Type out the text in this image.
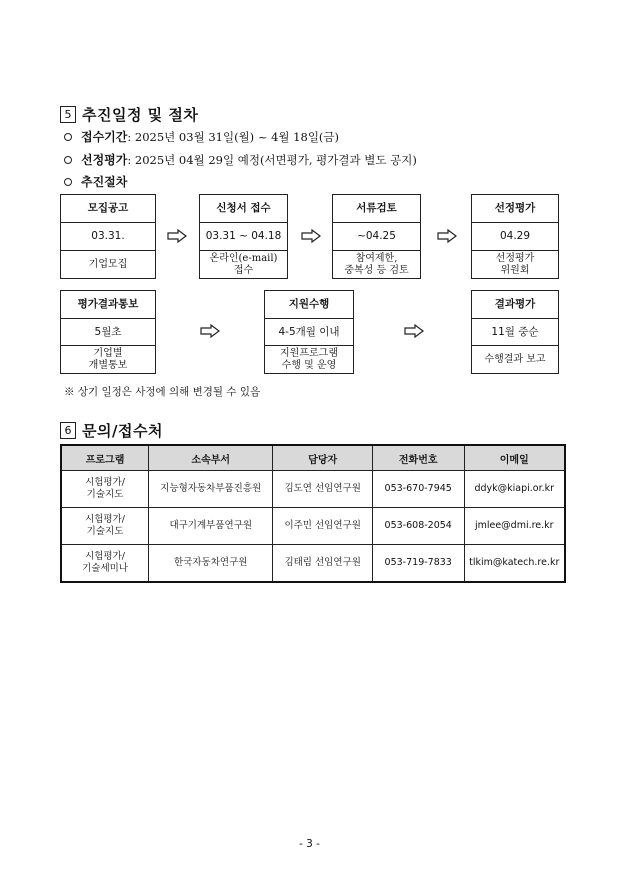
5 추진일정 및 절차
접수기간 : 2025년 03월 31일(월) ~ 4월 18일(금)
선정평가 : 2025년 04월 29일 예정(서면평가, 평가결과 별도 공지)
추진절차
모집공고
03.31.
기업모집
신청서 접수
03.31 ~ 04.18
온라인(e-mail)
접수
서류검토
~04.25
참여제한,
중복성 등 검토
선정평가
04.29
선정평가
위원회
평가결과통보
5월초
기업별
개별통보
지원수행
4-5개월 이내
지원프로그램
수행 및 운영
결과평가
11월 중순
수행결과 보고
※ 상기 일정은 사정에 의해 변경될 수 있음
6 문의/접수처
프로그램	소속부서	담당자	전화번호	이메일
시험평가/
기술지도	지능형자동차부품진흥원	김도연 선임연구원	053-670-7945	ddyk@kiapi.or.kr
시험평가/
기술지도	대구기계부품연구원	이주민 선임연구원	053-608-2054	jmlee@dmi.re.kr
시험평가/
기술세미나	한국자동차연구원	김태림 선임연구원	053-719-7833	tlkim@katech.re.kr
- 3 -
